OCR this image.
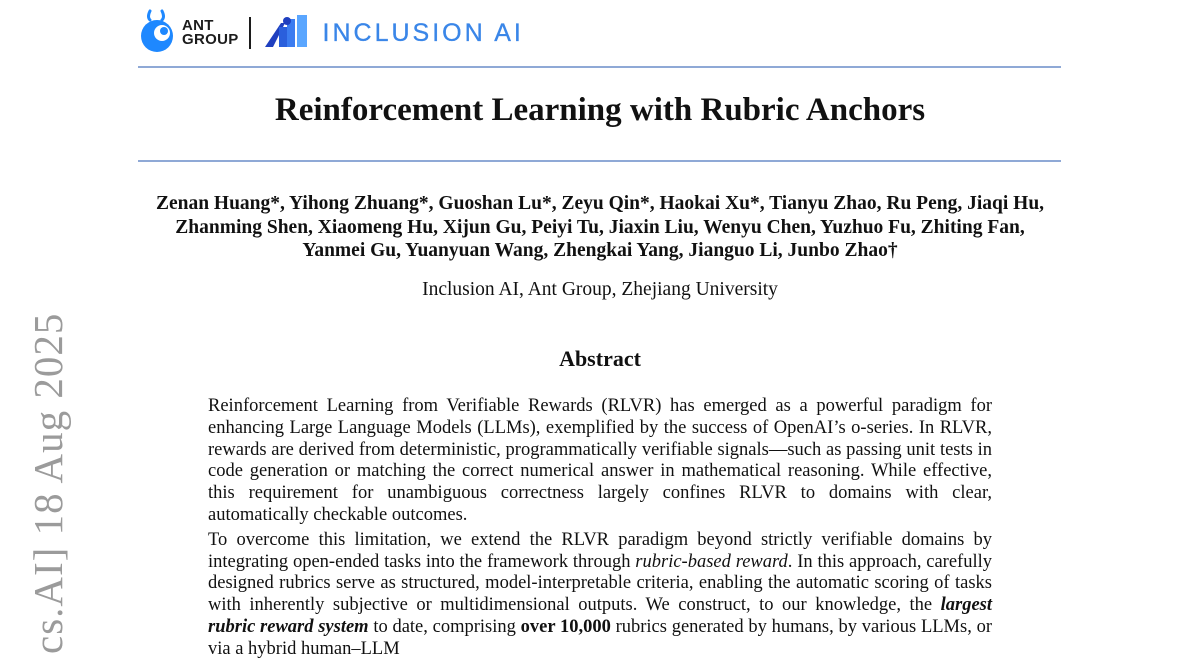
ANT
GROUP	INCLUSION AI
Reinforcement Learning with Rubric Anchors
Zenan Huang*, Yihong Zhuang*, Guoshan Lu*, Zeyu Qin*, Haokai Xu*, Tianyu Zhao, Ru Peng, Jiaqi Hu,
Zhanming Shen, Xiaomeng Hu, Xijun Gu, Peiyi Tu, Jiaxin Liu, Wenyu Chen, Yuzhuo Fu, Zhiting Fan,
Yanmei Gu, Yuanyuan Wang, Zhengkai Yang, Jianguo Li, Junbo Zhao†
Inclusion AI, Ant Group, Zhejiang University
cs.AI] 18 Aug 2025	Abstract

Reinforcement Learning from Verifiable Rewards (RLVR) has emerged as a powerful paradigm for enhancing Large Language Models (LLMs), exemplified by the success of OpenAI’s o-series. In RLVR, rewards are derived from deterministic, programmatically verifiable signals—such as passing unit tests in code generation or matching the correct numerical answer in mathematical reasoning. While effective, this requirement for unambiguous correctness largely confines RLVR to domains with clear, automatically checkable outcomes.

To overcome this limitation, we extend the RLVR paradigm beyond strictly verifiable domains by integrating open-ended tasks into the framework through rubric-based reward. In this approach, carefully designed rubrics serve as structured, model-interpretable criteria, enabling the automatic scoring of tasks with inherently subjective or multidimensional outputs. We construct, to our knowledge, the largest rubric reward system to date, comprising over 10,000 rubrics generated by humans, by various LLMs, or via a hybrid human–LLM
